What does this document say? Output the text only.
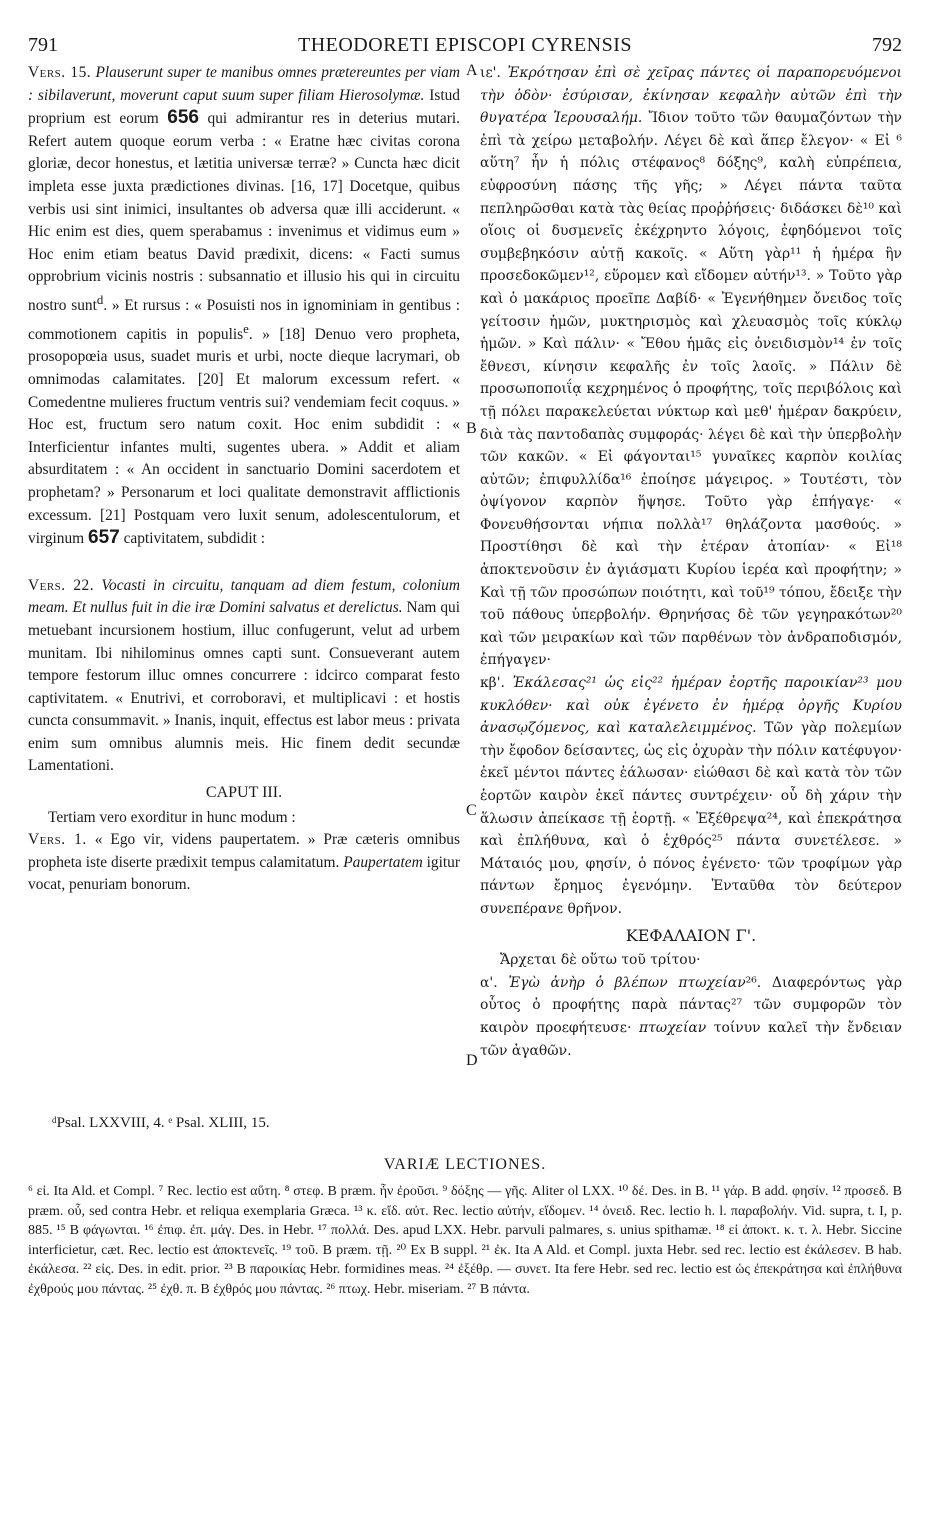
791	THEODORETI EPISCOPI CYRENSIS	792

Vers. 15. Plauserunt super te manibus omnes prætereuntes per viam : sibilaverunt, moverunt caput suum super filiam Hierosolymæ. Istud proprium est eorum 656 qui admirantur res in deterius mutari. Refert autem quoque eorum verba : « Eratne hæc civitas corona gloriæ, decor honestus, et lætitia universæ terræ? » Cuncta hæc dicit impleta esse juxta prædictiones divinas. [16, 17] Docetque, quibus verbis usi sint inimici, insultantes ob adversa quæ illi acciderunt. « Hic enim est dies, quem sperabamus : invenimus et vidimus eum » Hoc enim etiam beatus David prædixit, dicens: « Facti sumus opprobrium vicinis nostris : subsannatio et illusio his qui in circuitu nostro sunt$^d$. » Et rursus : « Posuisti nos in ignominiam in gentibus : commotionem capitis in populis$^e$. » [18] Denuo vero propheta, prosopopœia usus, suadet muris et urbi, nocte dieque lacrymari, ob omnimodas calamitates. [20] Et malorum excessum refert. « Comedentne mulieres fructum ventris sui? vendemiam fecit coquus. » Hoc est, fructum sero natum coxit. Hoc enim subdidit : « Interficientur infantes multi, sugentes ubera. » Addit et aliam absurditatem : « An occident in sanctuario Domini sacerdotem et prophetam? » Personarum et loci qualitate demonstravit afflictionis excessum. [21] Postquam vero luxit senum, adolescentulorum, et virginum 657 captivitatem, subdidit :

Vers. 22. Vocasti in circuitu, tanquam ad diem festum, colonium meam. Et nullus fuit in die iræ Domini salvatus et derelictus. Nam qui metuebant incursionem hostium, illuc confugerunt, velut ad urbem munitam. Ibi nihilominus omnes capti sunt. Consueverant autem tempore festorum illuc omnes concurrere : idcirco comparat festo captivitatem. « Enutrivi, et corroboravi, et multiplicavi : et hostis cuncta consummavit. » Inanis, inquit, effectus est labor meus : privata enim sum omnibus alumnis meis. Hic finem dedit secundæ Lamentationi.

CAPUT III.

Tertiam vero exorditur in hunc modum :

Vers. 1. « Ego vir, videns paupertatem. » Præ cæteris omnibus propheta iste diserte prædixit tempus calamitatum. Paupertatem igitur vocat, penuriam bonorum.

ιε'. Ἐκρότησαν ἐπὶ σὲ χεῖρας πάντες οἱ παραπορευόμενοι τὴν ὁδὸν· ἐσύρισαν, ἐκίνησαν κεφαλὴν αὐτῶν ἐπὶ τὴν θυγατέρα Ἱερουσαλήμ. Ἴδιον τοῦτο τῶν θαυμαζόντων τὴν ἐπὶ τὰ χείρω μεταβολήν. Λέγει δὲ καὶ ἅπερ ἔλεγον· « Εἰ ⁶ αὕτη⁷ ἦν ἡ πόλις στέφανος⁸ δόξης⁹, καλὴ εὐπρέπεια, εὐφροσύνη πάσης τῆς γῆς; » Λέγει πάντα ταῦτα πεπληρῶσθαι κατὰ τὰς θείας προῤῥήσεις· διδάσκει δὲ¹⁰ καὶ οἵοις οἱ δυσμενεῖς ἐκέχρηντο λόγοις, ἐφηδόμενοι τοῖς συμβεβηκόσιν αὐτῇ κακοῖς. « Αὕτη γὰρ¹¹ ἡ ἡμέρα ἣν προσεδοκῶμεν¹², εὕρομεν καὶ εἴδομεν αὐτήν¹³. » Τοῦτο γὰρ καὶ ὁ μακάριος προεῖπε Δαβίδ· « Ἐγενήθημεν ὄνειδος τοῖς γείτοσιν ἡμῶν, μυκτηρισμὸς καὶ χλευασμὸς τοῖς κύκλῳ ἡμῶν. » Καὶ πάλιν· « Ἔθου ἡμᾶς εἰς ὀνειδισμὸν¹⁴ ἐν τοῖς ἔθνεσι, κίνησιν κεφαλῆς ἐν τοῖς λαοῖς. » Πάλιν δὲ προσωποποιΐᾳ κεχρημένος ὁ προφήτης, τοῖς περιβόλοις καὶ τῇ πόλει παρακελεύεται νύκτωρ καὶ μεθ' ἡμέραν δακρύειν, διὰ τὰς παντοδαπὰς συμφοράς· λέγει δὲ καὶ τὴν ὑπερβολὴν τῶν κακῶν. « Εἰ φάγονται¹⁵ γυναῖκες καρπὸν κοιλίας αὐτῶν; ἐπιφυλλίδα¹⁶ ἐποίησε μάγειρος. » Τουτέστι, τὸν ὀψίγονον καρπὸν ἥψησε. Τοῦτο γὰρ ἐπήγαγε· « Φονευθήσονται νήπια πολλὰ¹⁷ θηλάζοντα μασθούς. » Προστίθησι δὲ καὶ τὴν ἑτέραν ἀτοπίαν· « Εἰ¹⁸ ἀποκτενοῦσιν ἐν ἁγιάσματι Κυρίου ἱερέα καὶ προφήτην; » Καὶ τῇ τῶν προσώπων ποιότητι, καὶ τοῦ¹⁹ τόπου, ἔδειξε τὴν τοῦ πάθους ὑπερβολήν. Θρηνήσας δὲ τῶν γεγηρακότων²⁰ καὶ τῶν μειρακίων καὶ τῶν παρθένων τὸν ἀνδραποδισμόν, ἐπήγαγεν·

κβ'. Ἐκάλεσας²¹ ὡς εἰς²² ἡμέραν ἑορτῆς παροικίαν²³ μου κυκλόθεν· καὶ οὐκ ἐγένετο ἐν ἡμέρᾳ ὀργῆς Κυρίου ἀνασῳζόμενος, καὶ καταλελειμμένος. Τῶν γὰρ πολεμίων τὴν ἔφοδον δείσαντες, ὡς εἰς ὀχυρὰν τὴν πόλιν κατέφυγον· ἐκεῖ μέντοι πάντες ἑάλωσαν· εἰώθασι δὲ καὶ κατὰ τὸν τῶν ἑορτῶν καιρὸν ἐκεῖ πάντες συντρέχειν· οὗ δὴ χάριν τὴν ἅλωσιν ἀπείκασε τῇ ἑορτῇ. « Ἐξέθρεψα²⁴, καὶ ἐπεκράτησα καὶ ἐπλήθυνα, καὶ ὁ ἐχθρός²⁵ πάντα συνετέλεσε. » Μάταιός μου, φησίν, ὁ πόνος ἐγένετο· τῶν τροφίμων γὰρ πάντων ἔρημος ἐγενόμην. Ἐνταῦθα τὸν δεύτερον συνεπέρανε θρῆνον.

ΚΕΦΑΛΑΙΟΝ Γ'.

Ἄρχεται δὲ οὕτω τοῦ τρίτου·

α'. Ἐγὼ ἀνὴρ ὁ βλέπων πτωχείαν²⁶. Διαφερόντως γὰρ οὗτος ὁ προφήτης παρὰ πάντας²⁷ τῶν συμφορῶν τὸν καιρὸν προεφήτευσε· πτωχείαν τοίνυν καλεῖ τὴν ἔνδειαν τῶν ἀγαθῶν.

A
B
C
D
ᵈPsal. LXXVIII, 4. ᵉ Psal. XLIII, 15.
VARIÆ LECTIONES.
⁶ εἰ. Ita Ald. et Compl. ⁷ Rec. lectio est αὕτη. ⁸ στεφ. B præm. ἦν ἐροῦσι. ⁹ δόξης — γῆς. Aliter ol LXX. ¹⁰ δέ. Des. in B. ¹¹ γάρ. B add. φησίν. ¹² προσεδ. B præm. οὗ, sed contra Hebr. et reliqua exemplaria Græca. ¹³ κ. εἴδ. αὐτ. Rec. lectio αὐτήν, εἴδομεν. ¹⁴ ὀνειδ. Rec. lectio h. l. παραβολήν. Vid. supra, t. I, p. 885. ¹⁵ B φάγωνται. ¹⁶ ἐπιφ. ἐπ. μάγ. Des. in Hebr. ¹⁷ πολλά. Des. apud LXX. Hebr. parvuli palmares, s. unius spithamæ. ¹⁸ εἰ ἀποκτ. κ. τ. λ. Hebr. Siccine interficietur, cæt. Rec. lectio est ἀποκτενεῖς. ¹⁹ τοῦ. B præm. τῇ. ²⁰ Ex B suppl. ²¹ ἐκ. Ita A Ald. et Compl. juxta Hebr. sed rec. lectio est ἐκάλεσεν. B hab. ἐκάλεσα. ²² εἰς. Des. in edit. prior. ²³ B παροικίας Hebr. formidines meas. ²⁴ ἐξέθρ. — συνετ. Ita fere Hebr. sed rec. lectio est ὡς ἐπεκράτησα καὶ ἐπλήθυνα ἐχθρούς μου πάντας. ²⁵ ἐχθ. π. B ἐχθρός μου πάντας. ²⁶ πτωχ. Hebr. miseriam. ²⁷ B πάντα.
